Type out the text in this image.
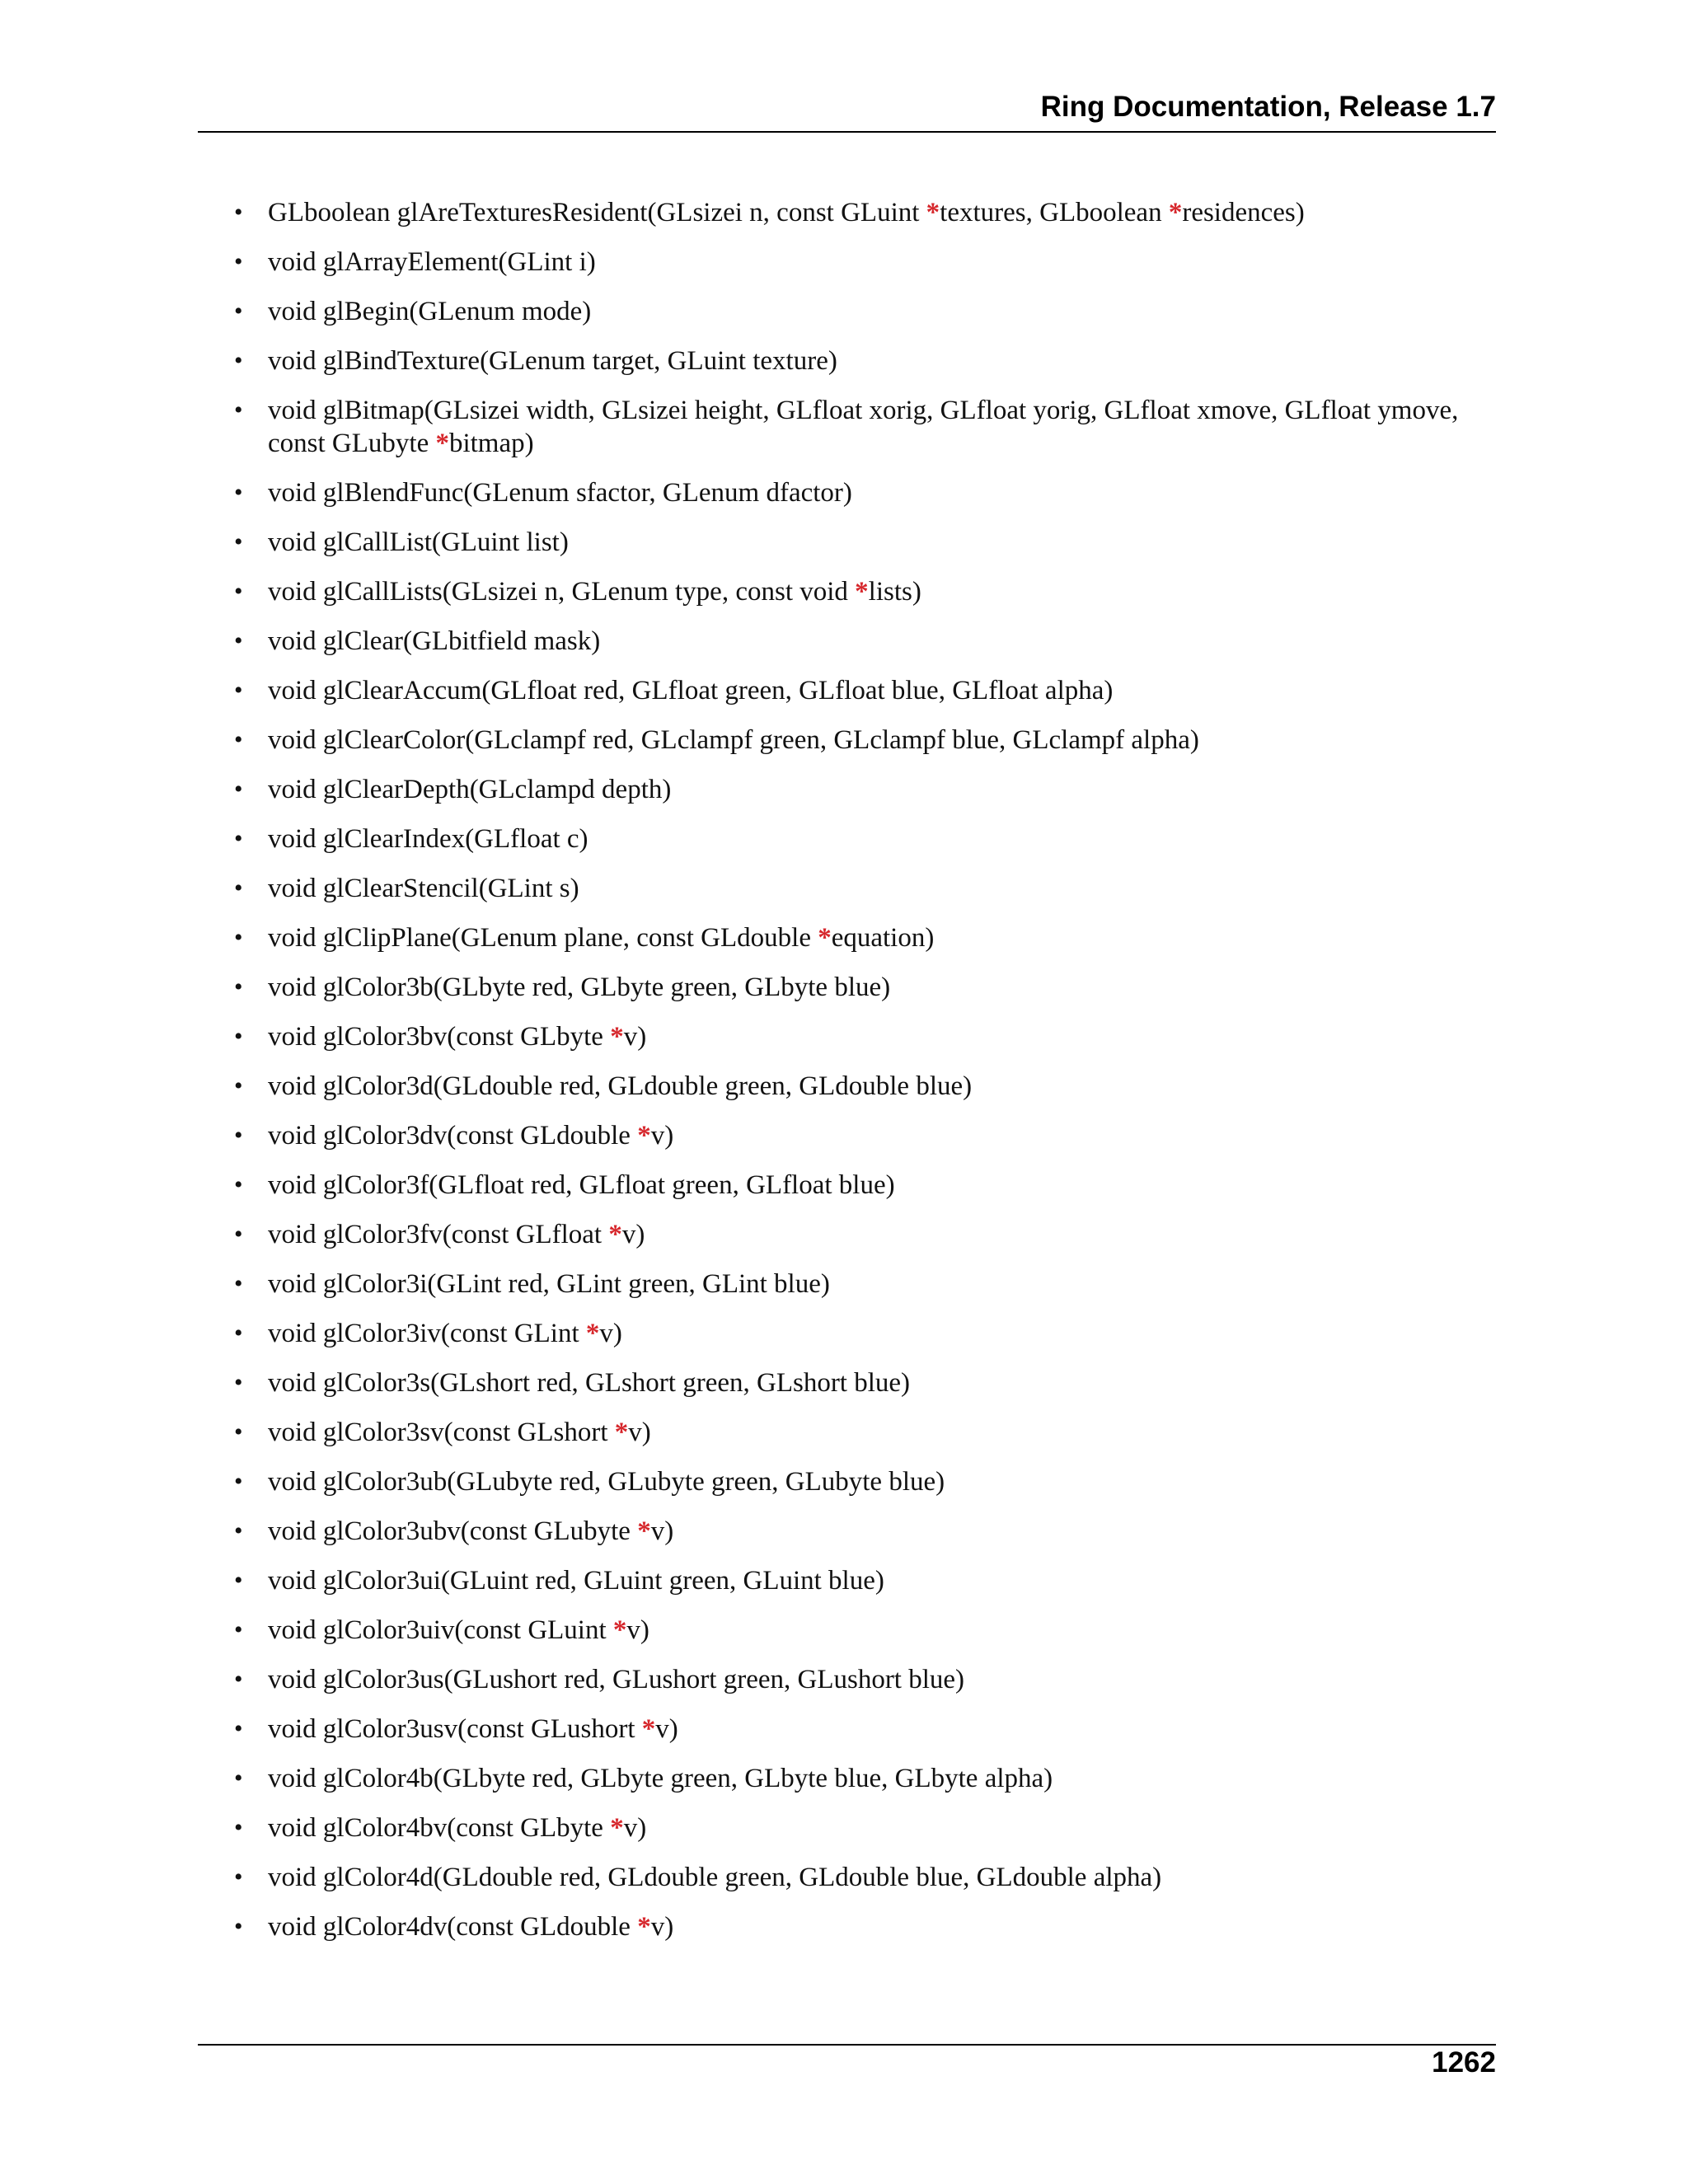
Ring Documentation, Release 1.7
• GLboolean glAreTexturesResident(GLsizei n, const GLuint *textures, GLboolean *residences)
• void glArrayElement(GLint i)
• void glBegin(GLenum mode)
• void glBindTexture(GLenum target, GLuint texture)
• void glBitmap(GLsizei width, GLsizei height, GLfloat xorig, GLfloat yorig, GLfloat xmove, GLfloat ymove, const GLubyte *bitmap)
• void glBlendFunc(GLenum sfactor, GLenum dfactor)
• void glCallList(GLuint list)
• void glCallLists(GLsizei n, GLenum type, const void *lists)
• void glClear(GLbitfield mask)
• void glClearAccum(GLfloat red, GLfloat green, GLfloat blue, GLfloat alpha)
• void glClearColor(GLclampf red, GLclampf green, GLclampf blue, GLclampf alpha)
• void glClearDepth(GLclampd depth)
• void glClearIndex(GLfloat c)
• void glClearStencil(GLint s)
• void glClipPlane(GLenum plane, const GLdouble *equation)
• void glColor3b(GLbyte red, GLbyte green, GLbyte blue)
• void glColor3bv(const GLbyte *v)
• void glColor3d(GLdouble red, GLdouble green, GLdouble blue)
• void glColor3dv(const GLdouble *v)
• void glColor3f(GLfloat red, GLfloat green, GLfloat blue)
• void glColor3fv(const GLfloat *v)
• void glColor3i(GLint red, GLint green, GLint blue)
• void glColor3iv(const GLint *v)
• void glColor3s(GLshort red, GLshort green, GLshort blue)
• void glColor3sv(const GLshort *v)
• void glColor3ub(GLubyte red, GLubyte green, GLubyte blue)
• void glColor3ubv(const GLubyte *v)
• void glColor3ui(GLuint red, GLuint green, GLuint blue)
• void glColor3uiv(const GLuint *v)
• void glColor3us(GLushort red, GLushort green, GLushort blue)
• void glColor3usv(const GLushort *v)
• void glColor4b(GLbyte red, GLbyte green, GLbyte blue, GLbyte alpha)
• void glColor4bv(const GLbyte *v)
• void glColor4d(GLdouble red, GLdouble green, GLdouble blue, GLdouble alpha)
• void glColor4dv(const GLdouble *v)
1262
